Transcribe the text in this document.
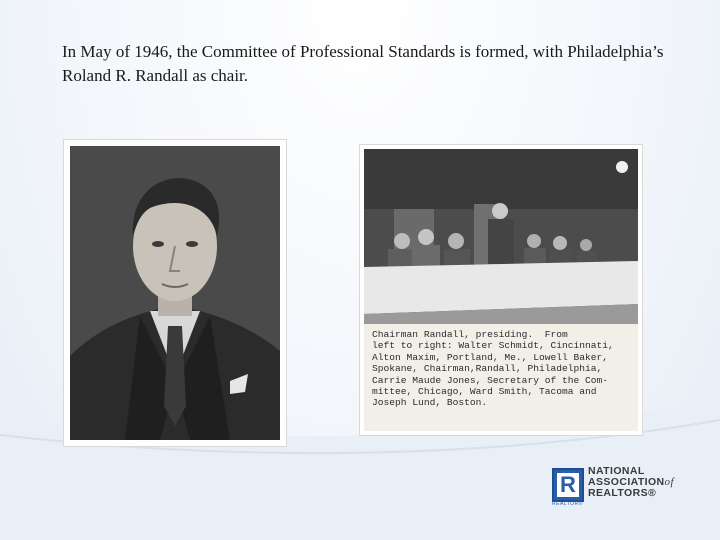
In May of 1946, the Committee of Professional Standards is formed, with Philadelphia’s Roland R. Randall as chair.
Chairman Randall, presiding.  From
left to right: Walter Schmidt, Cincinnati,
Alton Maxim, Portland, Me., Lowell Baker,
Spokane, Chairman,Randall, Philadelphia,
Carrie Maude Jones, Secretary of the Com-
mittee, Chicago, Ward Smith, Tacoma and
Joseph Lund, Boston.
R
REALTOR®
NATIONAL
ASSOCIATIONof
REALTORS®
